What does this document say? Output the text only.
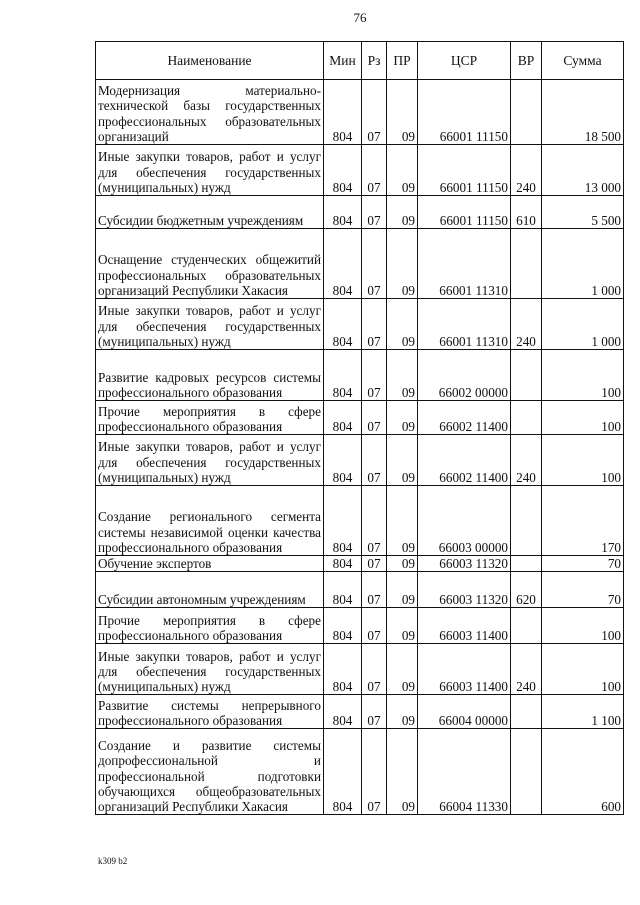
76
Наименование	Мин	Рз	ПР	ЦСР	ВР	Сумма
Модернизация материально-технической базы государственных профессиональных образовательных организаций	804	07	09	66001 11150		18 500
Иные закупки товаров, работ и услуг для обеспечения государственных (муниципальных) нужд	804	07	09	66001 11150	240	13 000
Субсидии бюджетным учреждениям	804	07	09	66001 11150	610	5 500
Оснащение студенческих общежитий профессиональных образовательных организаций Республики Хакасия	804	07	09	66001 11310		1 000
Иные закупки товаров, работ и услуг для обеспечения государственных (муниципальных) нужд	804	07	09	66001 11310	240	1 000
Развитие кадровых ресурсов системы профессионального образования	804	07	09	66002 00000		100
Прочие мероприятия в сфере профессионального образования	804	07	09	66002 11400		100
Иные закупки товаров, работ и услуг для обеспечения государственных (муниципальных) нужд	804	07	09	66002 11400	240	100
Создание регионального сегмента системы независимой оценки качества профессионального образования	804	07	09	66003 00000		170
Обучение экспертов	804	07	09	66003 11320		70
Субсидии автономным учреждениям	804	07	09	66003 11320	620	70
Прочие мероприятия в сфере профессионального образования	804	07	09	66003 11400		100
Иные закупки товаров, работ и услуг для обеспечения государственных (муниципальных) нужд	804	07	09	66003 11400	240	100
Развитие системы непрерывного профессионального образования	804	07	09	66004 00000		1 100
Создание и развитие системы допрофессиональной и профессиональной подготовки обучающихся общеобразовательных организаций Республики Хакасия	804	07	09	66004 11330		600
k309 b2
